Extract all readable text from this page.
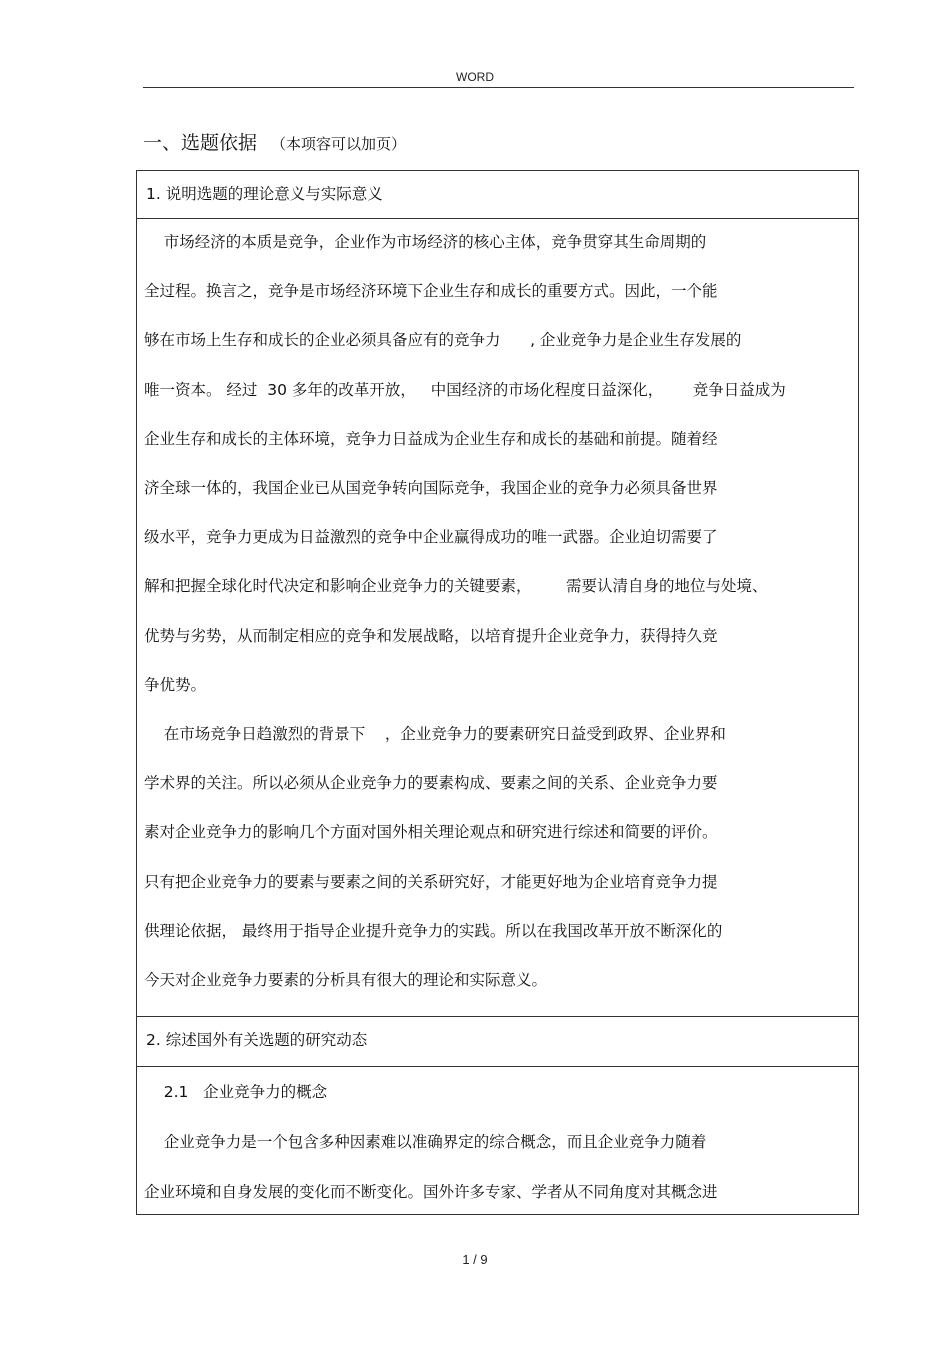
WORD
一、选题依据 （本项容可以加页）
1. 说明选题的理论意义与实际意义
市场经济的本质是竞争，企业作为市场经济的核心主体，竞争贯穿其生命周期的
全过程。换言之，竞争是市场经济环境下企业生存和成长的重要方式。因此，一个能
够在市场上生存和成长的企业必须具备应有的竞争力      , 企业竞争力是企业生存发展的
唯一资本。 经过  30 多年的改革开放，   中国经济的市场化程度日益深化，      竞争日益成为
企业生存和成长的主体环境，竞争力日益成为企业生存和成长的基础和前提。随着经
济全球一体的，我国企业已从国竞争转向国际竞争，我国企业的竞争力必须具备世界
级水平，竞争力更成为日益激烈的竞争中企业赢得成功的唯一武器。企业迫切需要了
解和把握全球化时代决定和影响企业竞争力的关键要素，       需要认清自身的地位与处境、
优势与劣势，从而制定相应的竞争和发展战略，以培育提升企业竞争力，获得持久竞
争优势。
在市场竞争日趋激烈的背景下    ，企业竞争力的要素研究日益受到政界、企业界和
学术界的关注。所以必须从企业竞争力的要素构成、要素之间的关系、企业竞争力要
素对企业竞争力的影响几个方面对国外相关理论观点和研究进行综述和简要的评价。
只有把企业竞争力的要素与要素之间的关系研究好，才能更好地为企业培育竞争力提
供理论依据， 最终用于指导企业提升竞争力的实践。所以在我国改革开放不断深化的
今天对企业竞争力要素的分析具有很大的理论和实际意义。
2. 综述国外有关选题的研究动态
2.1   企业竞争力的概念
企业竞争力是一个包含多种因素难以准确界定的综合概念，而且企业竞争力随着
企业环境和自身发展的变化而不断变化。国外许多专家、学者从不同角度对其概念进
1 / 9
